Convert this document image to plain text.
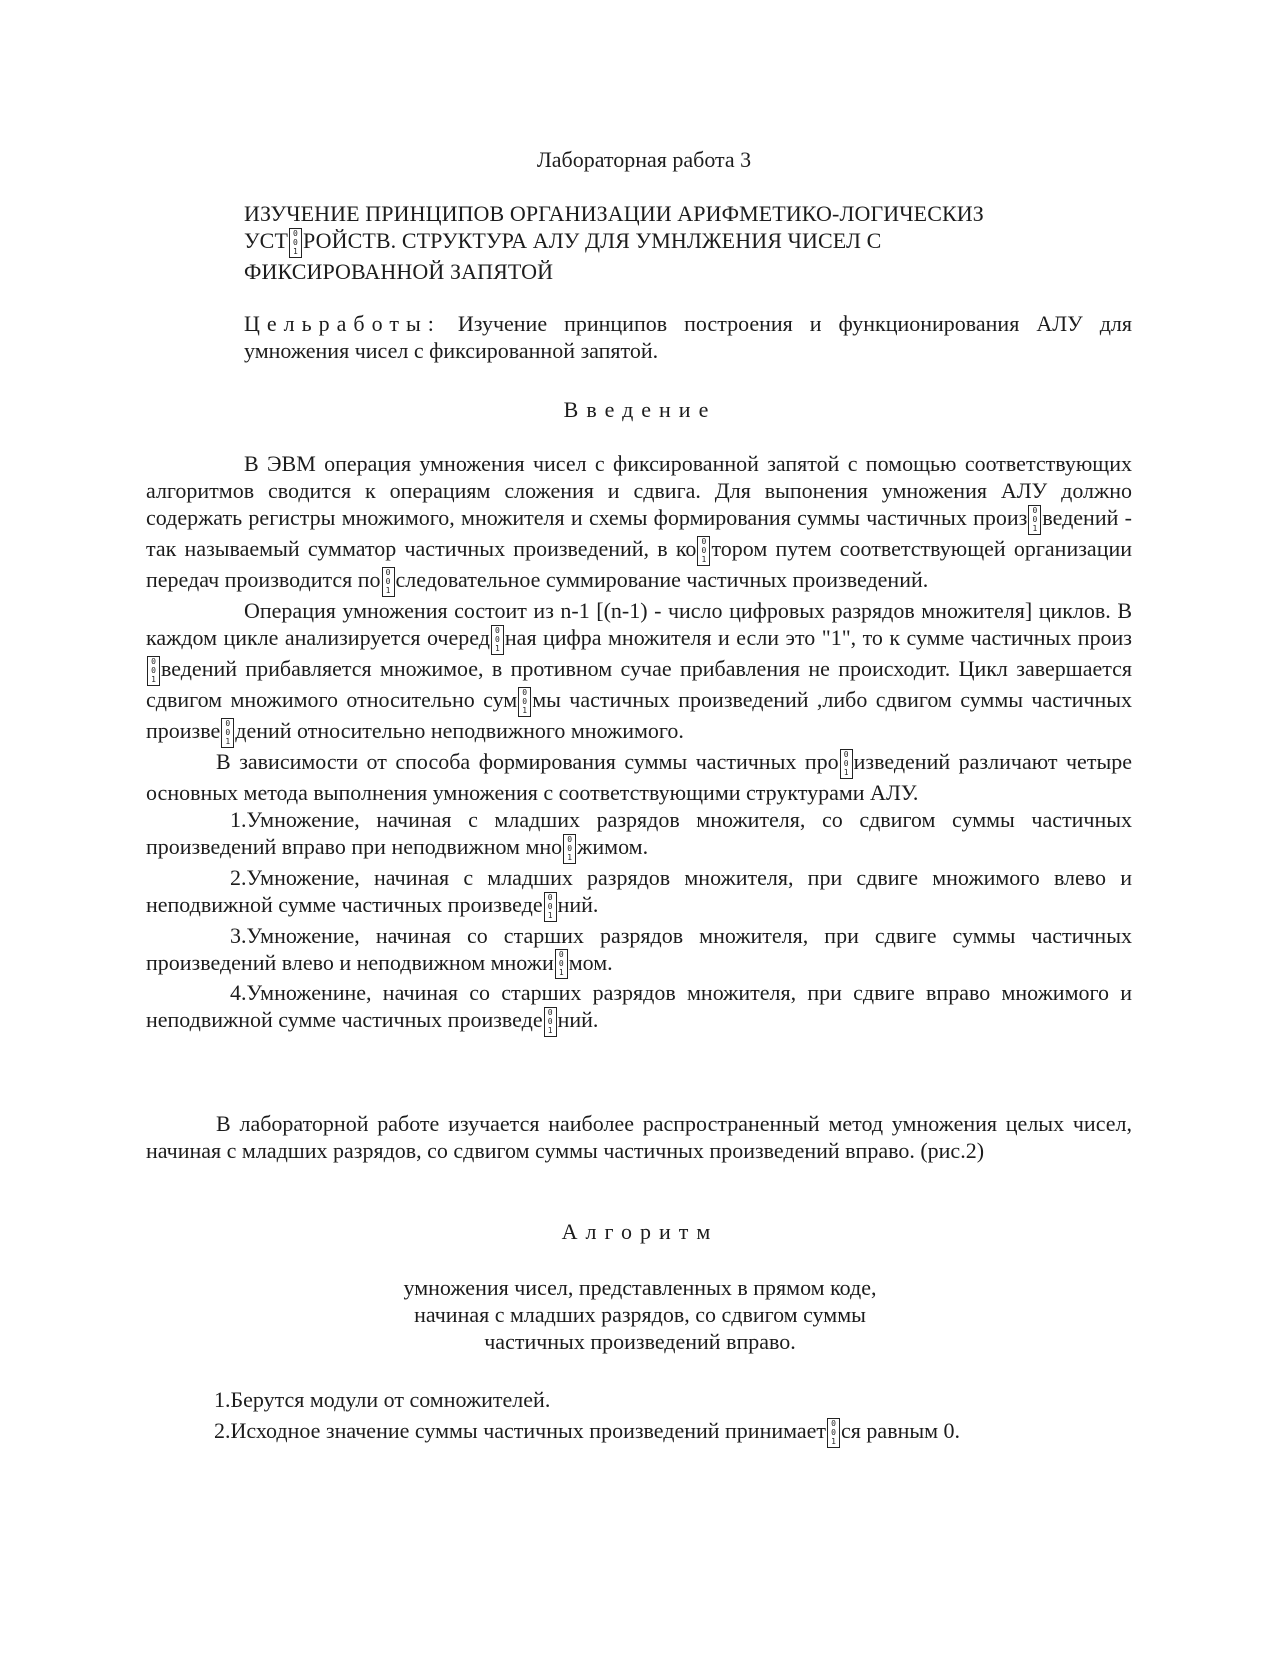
Лабораторная работа 3

ИЗУЧЕНИЕ ПРИНЦИПОВ ОРГАНИЗАЦИИ АРИФМЕТИКО-ЛОГИЧЕСКИЗ
УСТ 0
0
1 РОЙСТВ. СТРУКТУРА АЛУ ДЛЯ УМНЛЖЕНИЯ ЧИСЕЛ С
ФИКСИРОВАННОЙ ЗАПЯТОЙ

Цельработы: Изучение принципов построения и функционирования АЛУ для умножения чисел с фиксированной запятой.

Введение

В ЭВМ операция умножения чисел с фиксированной запятой с помощью соответствующих алгоритмов сводится к операциям сложения и сдвига. Для выпонения умножения АЛУ должно содержать регистры множимого, множителя и схемы формирования суммы частичных произ 0
0
1 ведений - так называемый сумматор частичных произведений, в ко 0
0
1 тором путем соответствующей организации передач производится по 0
0
1 следовательное суммирование частичных произведений.

Операция умножения состоит из n-1 [(n-1) - число цифровых разрядов множителя] циклов. В каждом цикле анализируется очеред 0
0
1 ная цифра множителя и если это "1", то к сумме частичных произ0
0
1 ведений прибавляется множимое, в противном сучае прибавления не происходит. Цикл завершается сдвигом множимого относительно сум 0
0
1 мы частичных произведений ,либо сдвигом суммы частичных произве 0
0
1 дений относительно неподвижного множимого.

В зависимости от способа формирования суммы частичных про 0
0
1 изведений различают четыре основных метода выполнения умножения с соответствующими структурами АЛУ.

1.Умножение, начиная с младших разрядов множителя, со сдвигом суммы частичных произведений вправо при неподвижном мно 0
0
1 жимом.

2.Умножение, начиная с младших разрядов множителя, при сдвиге множимого влево и неподвижной сумме частичных произведе 0
0
1 ний.

3.Умножение, начиная со старших разрядов множителя, при сдвиге суммы частичных произведений влево и неподвижном множи 0
0
1 мом.

4.Умноженине, начиная со старших разрядов множителя, при сдвиге вправо множимого и неподвижной сумме частичных произведе 0
0
1 ний.

В лабораторной работе изучается наиболее распространенный метод умножения целых чисел, начиная с младших разрядов, со сдвигом суммы частичных произведений вправо. (рис.2)

Алгоритм

умножения чисел, представленных в прямом коде,
начиная с младших разрядов, со сдвигом суммы
частичных произведений вправо.
1.Берутся модули от сомножителей.
2.Исходное значение суммы частичных произведений принимает 0
0
1 ся равным 0.
